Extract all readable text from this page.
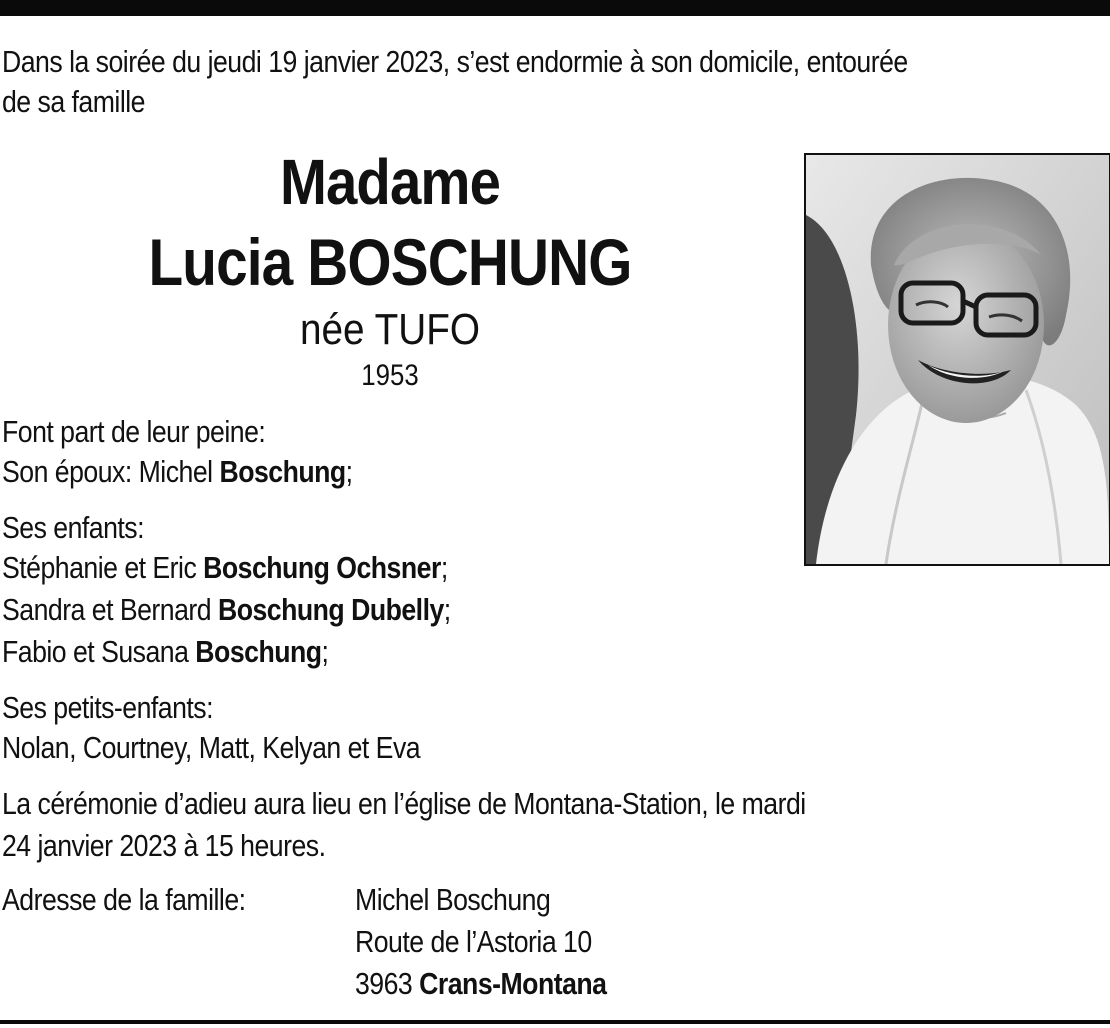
Dans la soirée du jeudi 19 janvier 2023, s’est endormie à son domicile, entourée
de sa famille
Madame
Lucia BOSCHUNG
née TUFO
1953
Font part de leur peine:
Son époux: Michel Boschung;
Ses enfants:
Stéphanie et Eric Boschung Ochsner;
Sandra et Bernard Boschung Dubelly;
Fabio et Susana Boschung;
Ses petits-enfants:
Nolan, Courtney, Matt, Kelyan et Eva
La cérémonie d’adieu aura lieu en l’église de Montana-Station, le mardi
24 janvier 2023 à 15 heures.
Adresse de la famille:	Michel Boschung
Route de l’Astoria 10
3963 Crans-Montana
